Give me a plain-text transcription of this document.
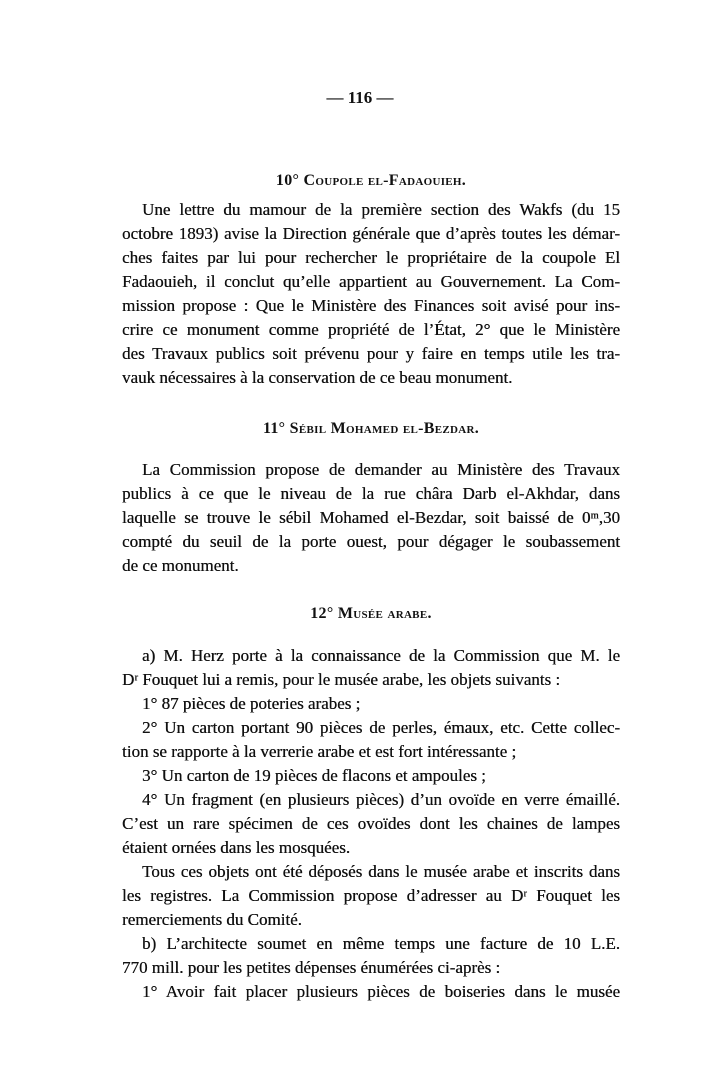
— 116 —
10° Coupole el-Fadaouieh.
Une lettre du mamour de la première section des Wakfs (du 15
octobre 1893) avise la Direction générale que d’après toutes les démar-
ches faites par lui pour rechercher le propriétaire de la coupole El
Fadaouieh, il conclut qu’elle appartient au Gouvernement. La Com-
mission propose : Que le Ministère des Finances soit avisé pour ins-
crire ce monument comme propriété de l’État, 2° que le Ministère
des Travaux publics soit prévenu pour y faire en temps utile les tra-
vauk nécessaires à la conservation de ce beau monument.
11° Sébil Mohamed el-Bezdar.
La Commission propose de demander au Ministère des Travaux
publics à ce que le niveau de la rue châra Darb el-Akhdar, dans
laquelle se trouve le sébil Mohamed el-Bezdar, soit baissé de 0ᵐ,30
compté du seuil de la porte ouest, pour dégager le soubassement
de ce monument.
12° Musée arabe.
a) M. Herz porte à la connaissance de la Commission que M. le
Dʳ Fouquet lui a remis, pour le musée arabe, les objets suivants :
1° 87 pièces de poteries arabes ;
2° Un carton portant 90 pièces de perles, émaux, etc. Cette collec-
tion se rapporte à la verrerie arabe et est fort intéressante ;
3° Un carton de 19 pièces de flacons et ampoules ;
4° Un fragment (en plusieurs pièces) d’un ovoïde en verre émaillé.
C’est un rare spécimen de ces ovoïdes dont les chaines de lampes
étaient ornées dans les mosquées.
Tous ces objets ont été déposés dans le musée arabe et inscrits dans
les registres. La Commission propose d’adresser au Dʳ Fouquet les
remerciements du Comité.
b) L’architecte soumet en même temps une facture de 10 L.E.
770 mill. pour les petites dépenses énumérées ci-après :
1° Avoir fait placer plusieurs pièces de boiseries dans le musée
